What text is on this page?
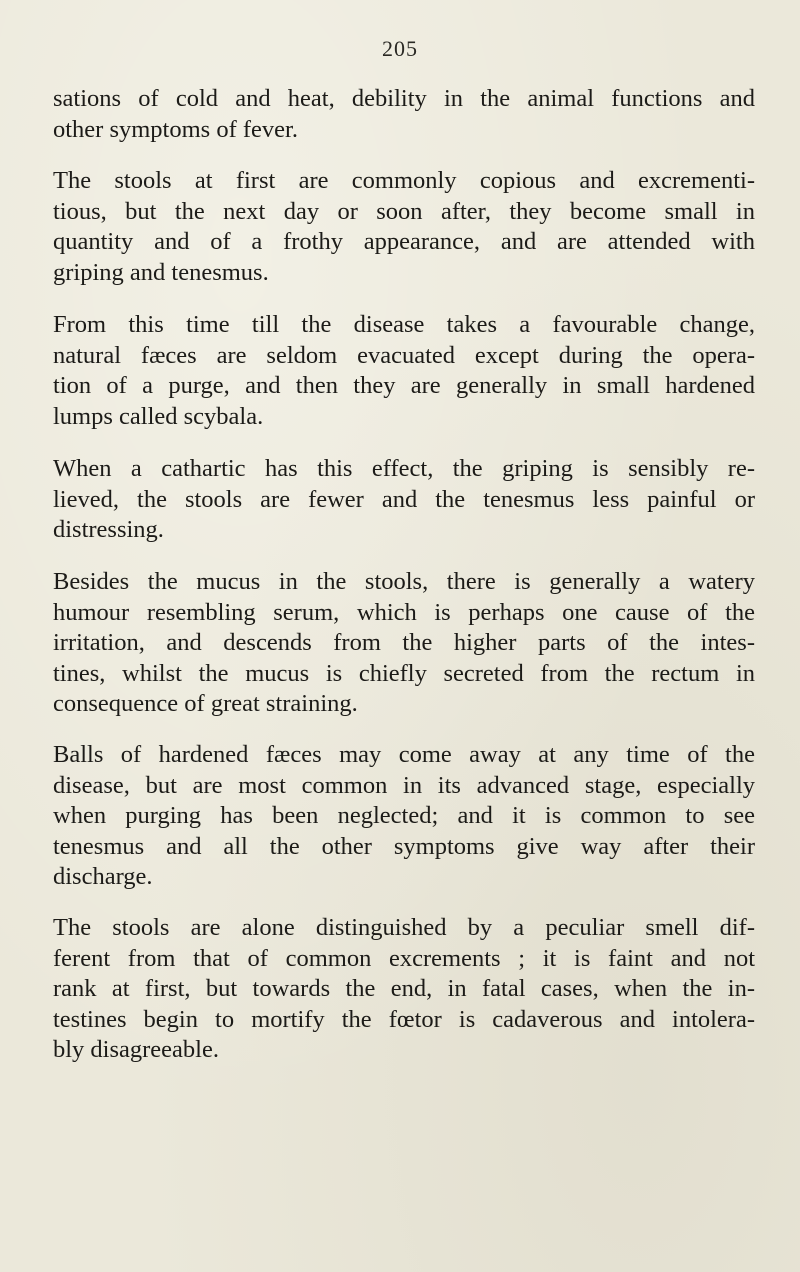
205

sations of cold and heat, debility in the animal functions and
other symptoms of fever.

The stools at first are commonly copious and excrementi-
tious, but the next day or soon after, they become small in
quantity and of a frothy appearance, and are attended with
griping and tenesmus.

From this time till the disease takes a favourable change,
natural fæces are seldom evacuated except during the opera-
tion of a purge, and then they are generally in small hardened
lumps called scybala.

When a cathartic has this effect, the griping is sensibly re-
lieved, the stools are fewer and the tenesmus less painful or
distressing.

Besides the mucus in the stools, there is generally a watery
humour resembling serum, which is perhaps one cause of the
irritation, and descends from the higher parts of the intes-
tines, whilst the mucus is chiefly secreted from the rectum in
consequence of great straining.

Balls of hardened fæces may come away at any time of the
disease, but are most common in its advanced stage, especially
when purging has been neglected; and it is common to see
tenesmus and all the other symptoms give way after their
discharge.

The stools are alone distinguished by a peculiar smell dif-
ferent from that of common excrements ; it is faint and not
rank at first, but towards the end, in fatal cases, when the in-
testines begin to mortify the fœtor is cadaverous and intolera-
bly disagreeable.
